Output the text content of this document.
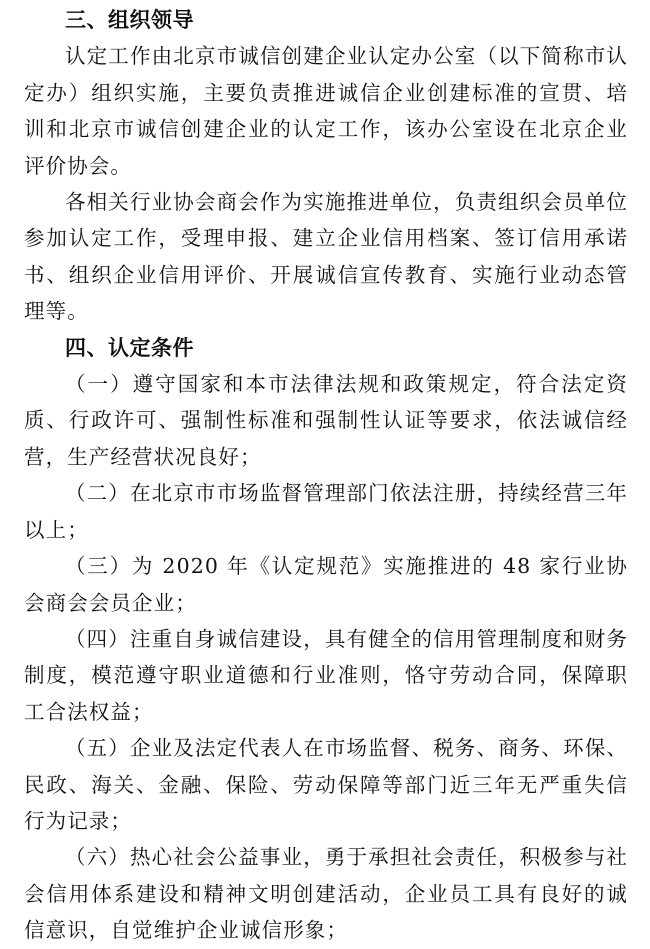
三、组织领导

认定工作由北京市诚信创建企业认定办公室（以下简称市认定办）组织实施，主要负责推进诚信企业创建标准的宣贯、培训和北京市诚信创建企业的认定工作，该办公室设在北京企业评价协会。

各相关行业协会商会作为实施推进单位，负责组织会员单位参加认定工作，受理申报、建立企业信用档案、签订信用承诺书、组织企业信用评价、开展诚信宣传教育、实施行业动态管理等。

四、认定条件

（一）遵守国家和本市法律法规和政策规定，符合法定资质、行政许可、强制性标准和强制性认证等要求，依法诚信经营，生产经营状况良好；

（二）在北京市市场监督管理部门依法注册，持续经营三年以上；

（三）为 2020 年《认定规范》实施推进的 48 家行业协会商会会员企业；

（四）注重自身诚信建设，具有健全的信用管理制度和财务制度，模范遵守职业道德和行业准则，恪守劳动合同，保障职工合法权益；

（五）企业及法定代表人在市场监督、税务、商务、环保、民政、海关、金融、保险、劳动保障等部门近三年无严重失信行为记录；

（六）热心社会公益事业，勇于承担社会责任，积极参与社会信用体系建设和精神文明创建活动，企业员工具有良好的诚信意识，自觉维护企业诚信形象；
